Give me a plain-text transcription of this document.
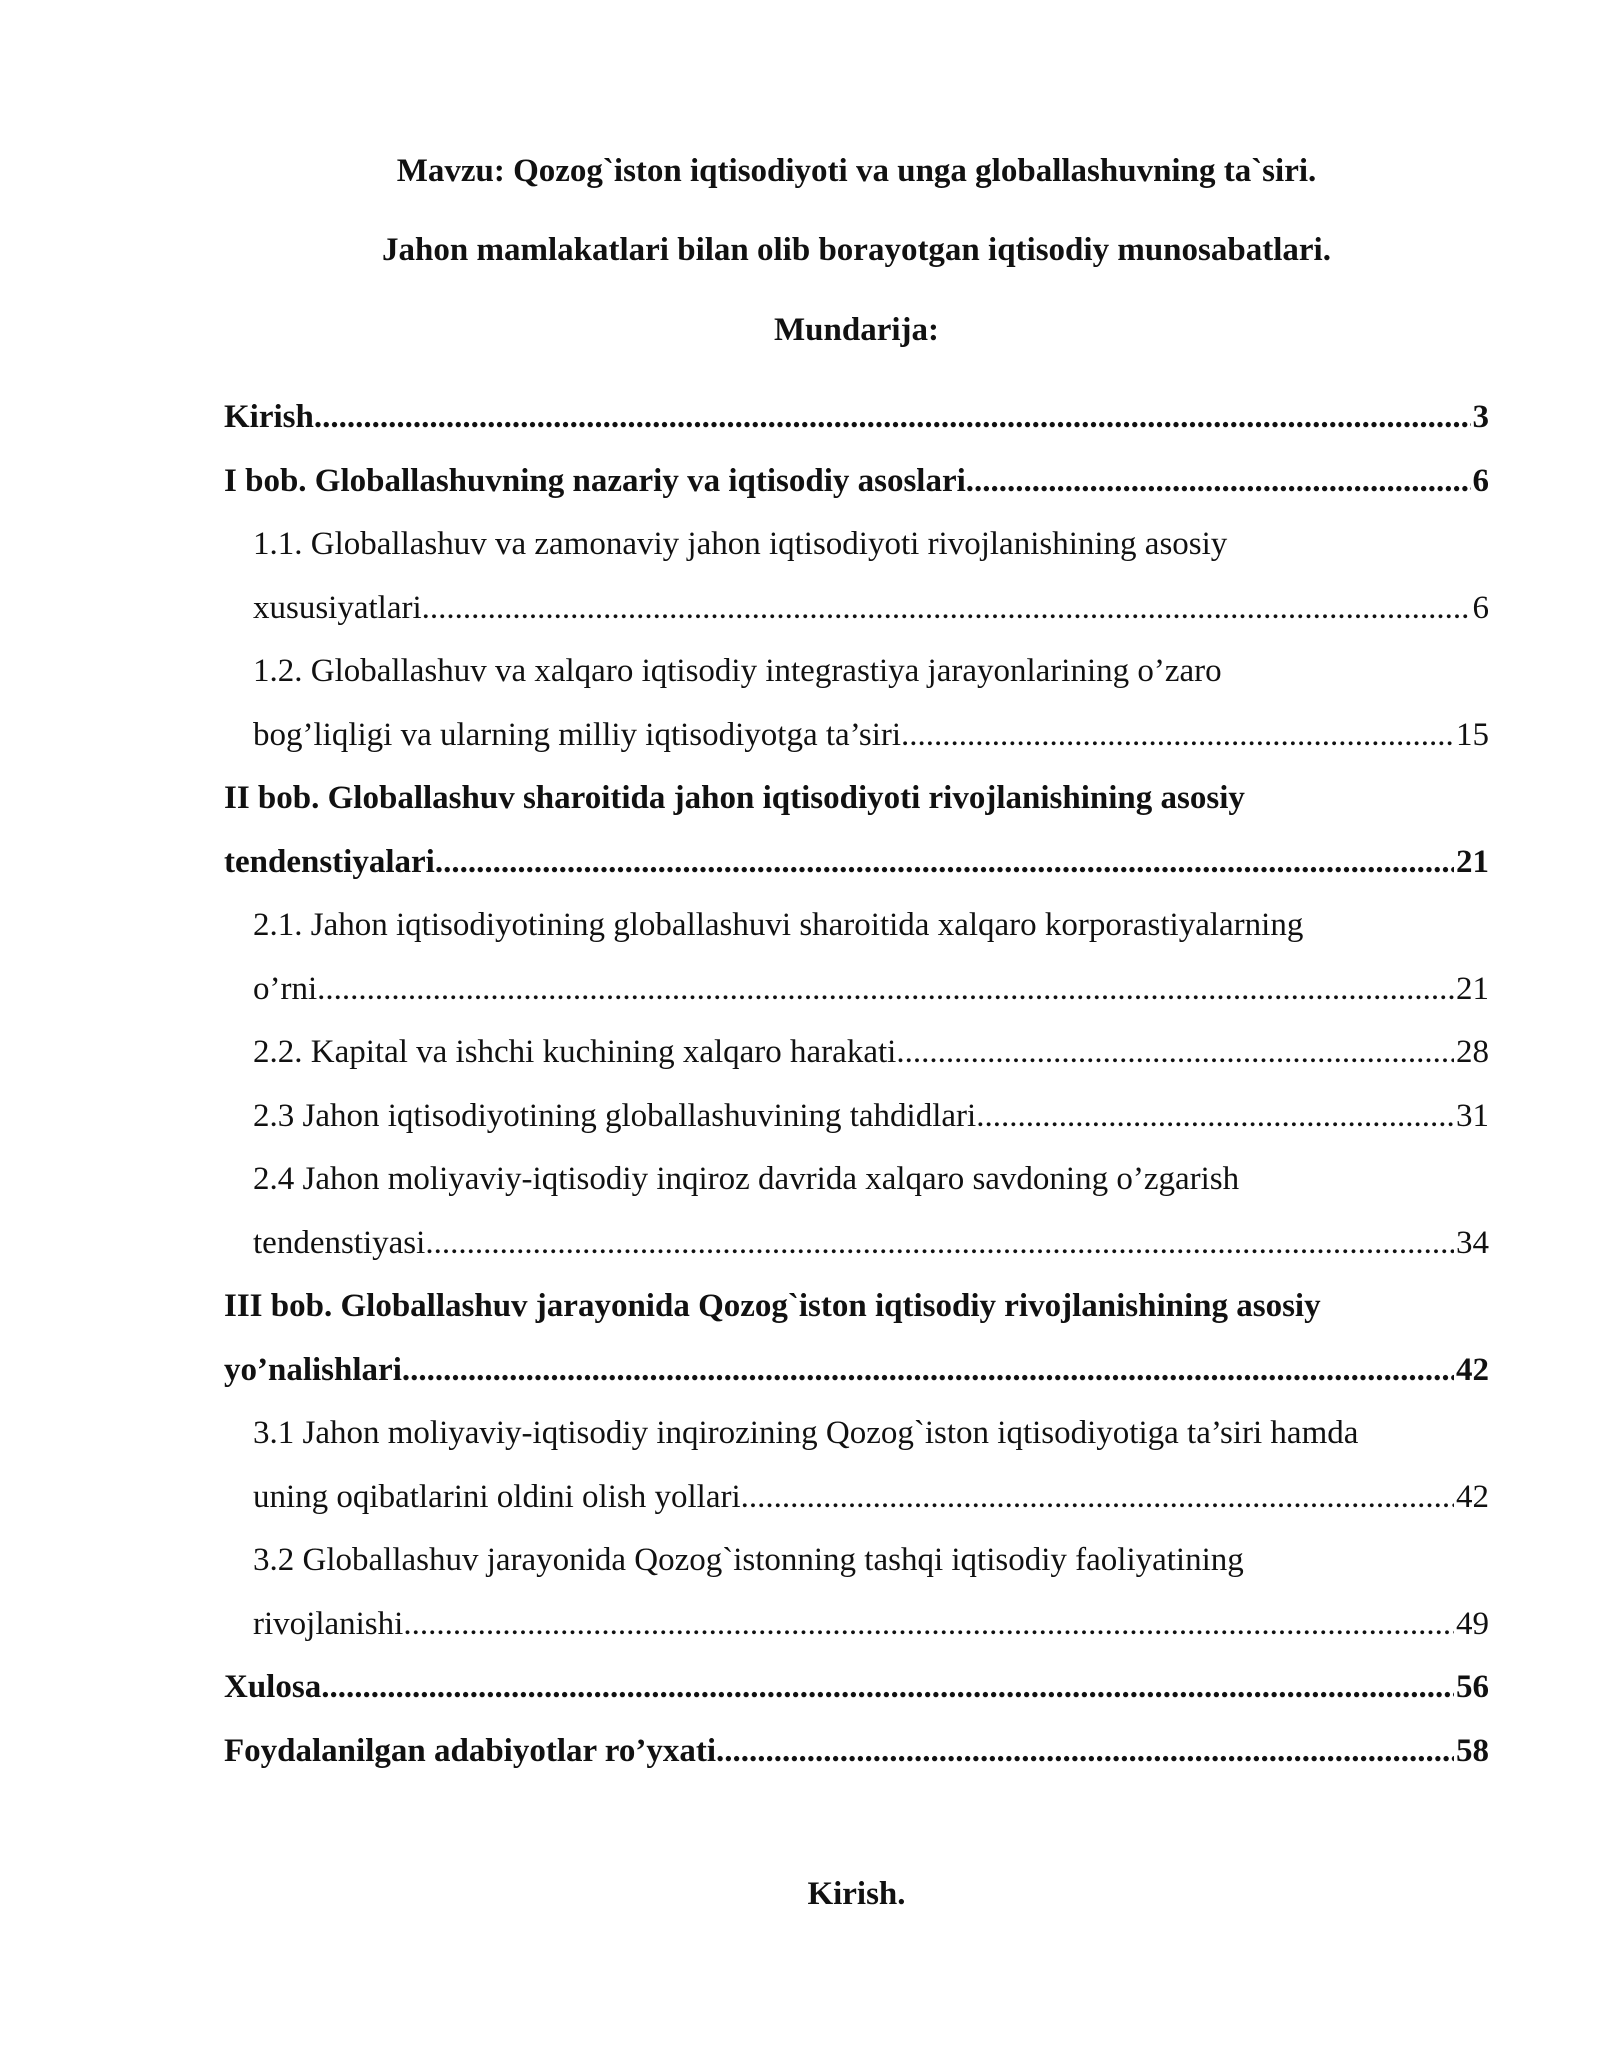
Mavzu: Qozog`iston iqtisodiyoti va unga globallashuvning ta`siri.
Jahon mamlakatlari bilan olib borayotgan iqtisodiy munosabatlari.
Mundarija:
Kirish .....	3
I bob. Globallashuvning nazariy va iqtisodiy asoslari .....	6
1.1. Globallashuv va zamonaviy jahon iqtisodiyoti rivojlanishining asosiy
xususiyatlari .....	6
1.2. Globallashuv va xalqaro iqtisodiy integrastiya jarayonlarining o’zaro
bog’liqligi va ularning milliy iqtisodiyotga ta’siri .....	15
II bob. Globallashuv sharoitida jahon iqtisodiyoti rivojlanishining asosiy
tendenstiyalari .....	21
2.1. Jahon iqtisodiyotining globallashuvi sharoitida xalqaro korporastiyalarning
o’rni .....	21
2.2. Kapital va ishchi kuchining xalqaro harakati .....	28
2.3 Jahon iqtisodiyotining globallashuvining tahdidlari .....	31
2.4 Jahon moliyaviy-iqtisodiy inqiroz davrida xalqaro savdoning o’zgarish
tendenstiyasi .....	34
III bob. Globallashuv jarayonida Qozog`iston iqtisodiy rivojlanishining asosiy
yo’nalishlari .....	42
3.1 Jahon moliyaviy-iqtisodiy inqirozining Qozog`iston iqtisodiyotiga ta’siri hamda
uning oqibatlarini oldini olish yollari .....	42
3.2 Globallashuv jarayonida Qozog`istonning tashqi iqtisodiy faoliyatining
rivojlanishi .....	49
Xulosa .....	56
Foydalanilgan adabiyotlar ro’yxati .....	58
Kirish.
